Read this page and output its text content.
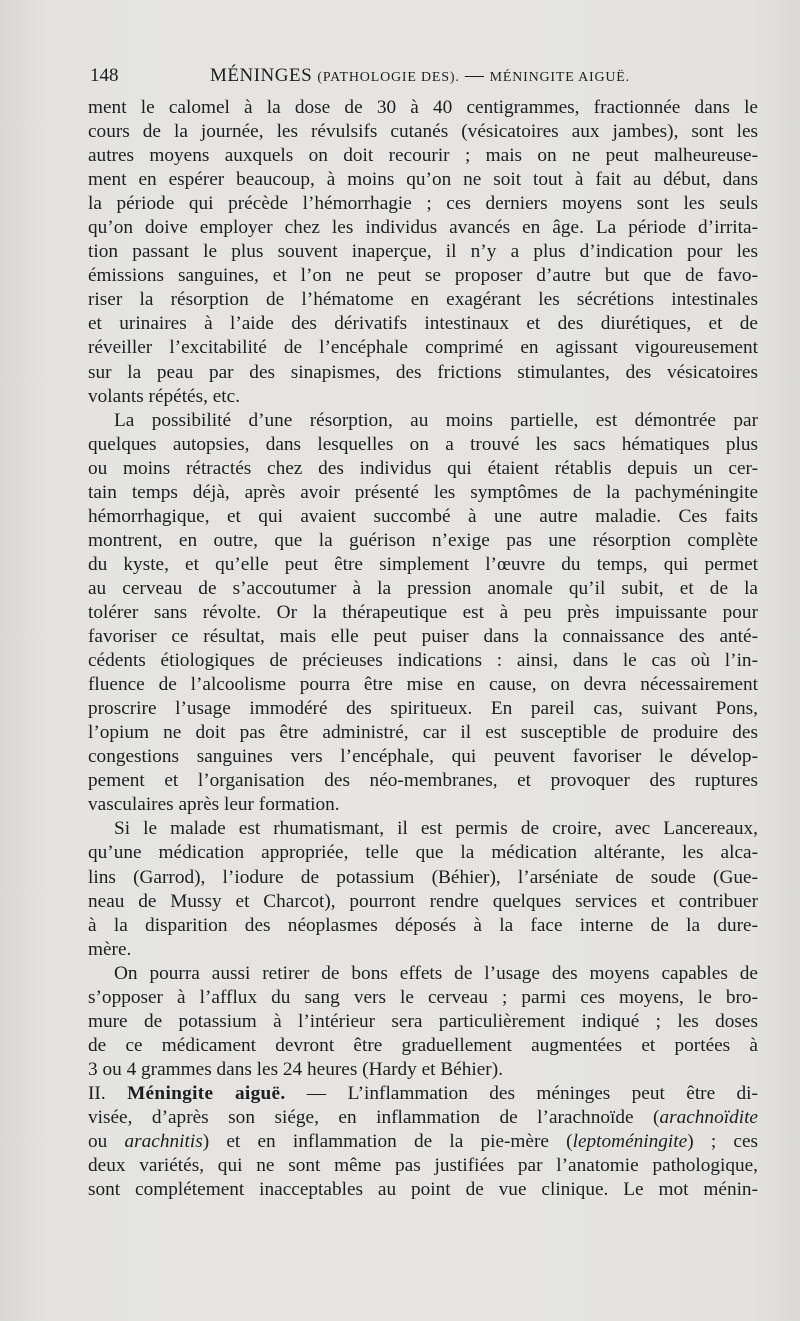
148	MÉNINGES (PATHOLOGIE DES). — MÉNINGITE AIGUË.
ment le calomel à la dose de 30 à 40 centigrammes, fractionnée dans le
cours de la journée, les révulsifs cutanés (vésicatoires aux jambes), sont les
autres moyens auxquels on doit recourir ; mais on ne peut malheureuse-
ment en espérer beaucoup, à moins qu’on ne soit tout à fait au début, dans
la période qui précède l’hémorrhagie ; ces derniers moyens sont les seuls
qu’on doive employer chez les individus avancés en âge. La période d’irrita-
tion passant le plus souvent inaperçue, il n’y a plus d’indication pour les
émissions sanguines, et l’on ne peut se proposer d’autre but que de favo-
riser la résorption de l’hématome en exagérant les sécrétions intestinales
et urinaires à l’aide des dérivatifs intestinaux et des diurétiques, et de
réveiller l’excitabilité de l’encéphale comprimé en agissant vigoureusement
sur la peau par des sinapismes, des frictions stimulantes, des vésicatoires
volants répétés, etc.
La possibilité d’une résorption, au moins partielle, est démontrée par
quelques autopsies, dans lesquelles on a trouvé les sacs hématiques plus
ou moins rétractés chez des individus qui étaient rétablis depuis un cer-
tain temps déjà, après avoir présenté les symptômes de la pachyméningite
hémorrhagique, et qui avaient succombé à une autre maladie. Ces faits
montrent, en outre, que la guérison n’exige pas une résorption complète
du kyste, et qu’elle peut être simplement l’œuvre du temps, qui permet
au cerveau de s’accoutumer à la pression anomale qu’il subit, et de la
tolérer sans révolte. Or la thérapeutique est à peu près impuissante pour
favoriser ce résultat, mais elle peut puiser dans la connaissance des anté-
cédents étiologiques de précieuses indications : ainsi, dans le cas où l’in-
fluence de l’alcoolisme pourra être mise en cause, on devra nécessairement
proscrire l’usage immodéré des spiritueux. En pareil cas, suivant Pons,
l’opium ne doit pas être administré, car il est susceptible de produire des
congestions sanguines vers l’encéphale, qui peuvent favoriser le dévelop-
pement et l’organisation des néo-membranes, et provoquer des ruptures
vasculaires après leur formation.
Si le malade est rhumatismant, il est permis de croire, avec Lancereaux,
qu’une médication appropriée, telle que la médication altérante, les alca-
lins (Garrod), l’iodure de potassium (Béhier), l’arséniate de soude (Gue-
neau de Mussy et Charcot), pourront rendre quelques services et contribuer
à la disparition des néoplasmes déposés à la face interne de la dure-
mère.
On pourra aussi retirer de bons effets de l’usage des moyens capables de
s’opposer à l’afflux du sang vers le cerveau ; parmi ces moyens, le bro-
mure de potassium à l’intérieur sera particulièrement indiqué ; les doses
de ce médicament devront être graduellement augmentées et portées à
3 ou 4 grammes dans les 24 heures (Hardy et Béhier).
II. Méningite aiguë. — L’inflammation des méninges peut être di-
visée, d’après son siége, en inflammation de l’arachnoïde (arachnoïdite
ou arachnitis) et en inflammation de la pie-mère (leptoméningite) ; ces
deux variétés, qui ne sont même pas justifiées par l’anatomie pathologique,
sont complétement inacceptables au point de vue clinique. Le mot ménin-
